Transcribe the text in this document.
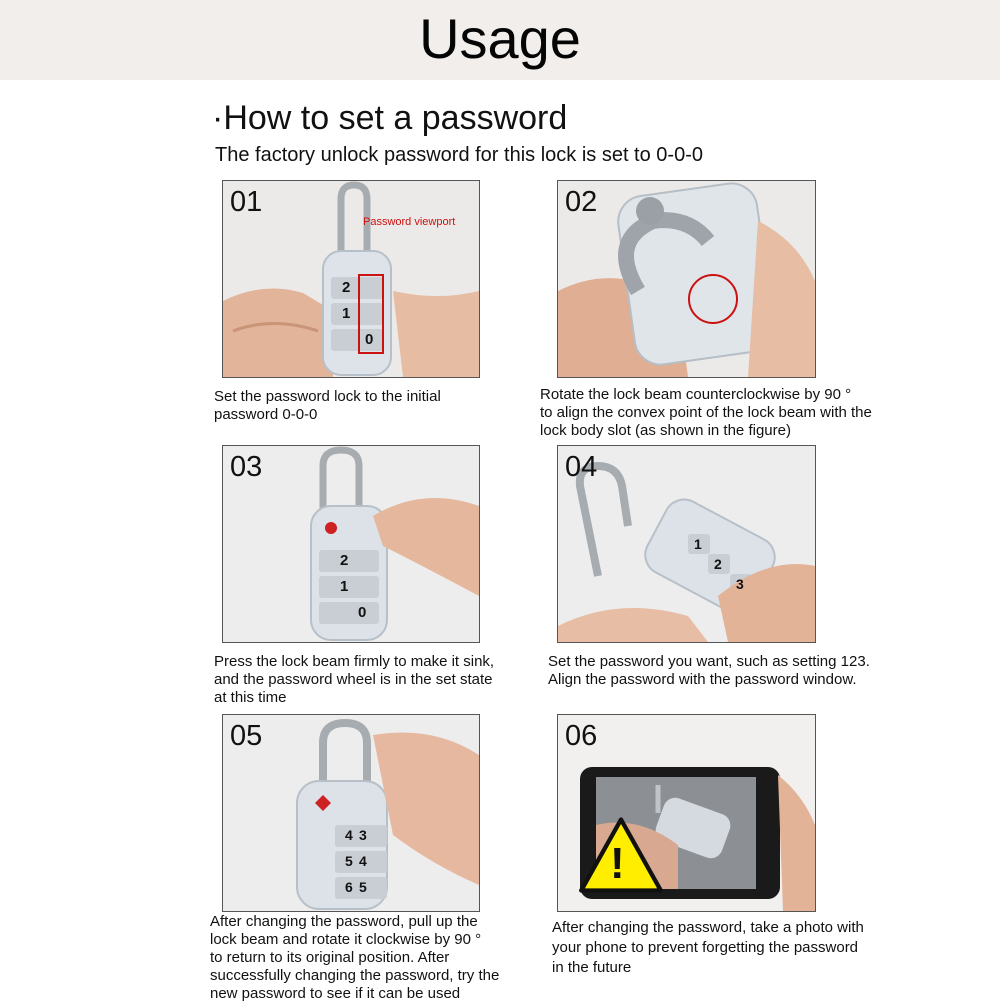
Usage
·How to set a password
The factory unlock password for this lock is set to 0-0-0
01
Password viewport
2
1
0
Set the password lock to the initial
password 0-0-0
02
Rotate the lock beam counterclockwise by 90 °
to align the convex point of the lock beam with the
lock body slot (as shown in the figure)
03
2
1
0
Press the lock beam firmly to make it sink,
and the password wheel is in the set state
at this time
04
1
2
3
Set the password you want, such as setting 123.
Align the password with the password window.
05
4 3
5 4
6 5
After changing the password, pull up the
lock beam and rotate it clockwise by 90 °
to return to its original position. After
successfully changing the password, try the
new password to see if it can be used
06
!
After changing the password, take a photo with
your phone to prevent forgetting the password
in the future
